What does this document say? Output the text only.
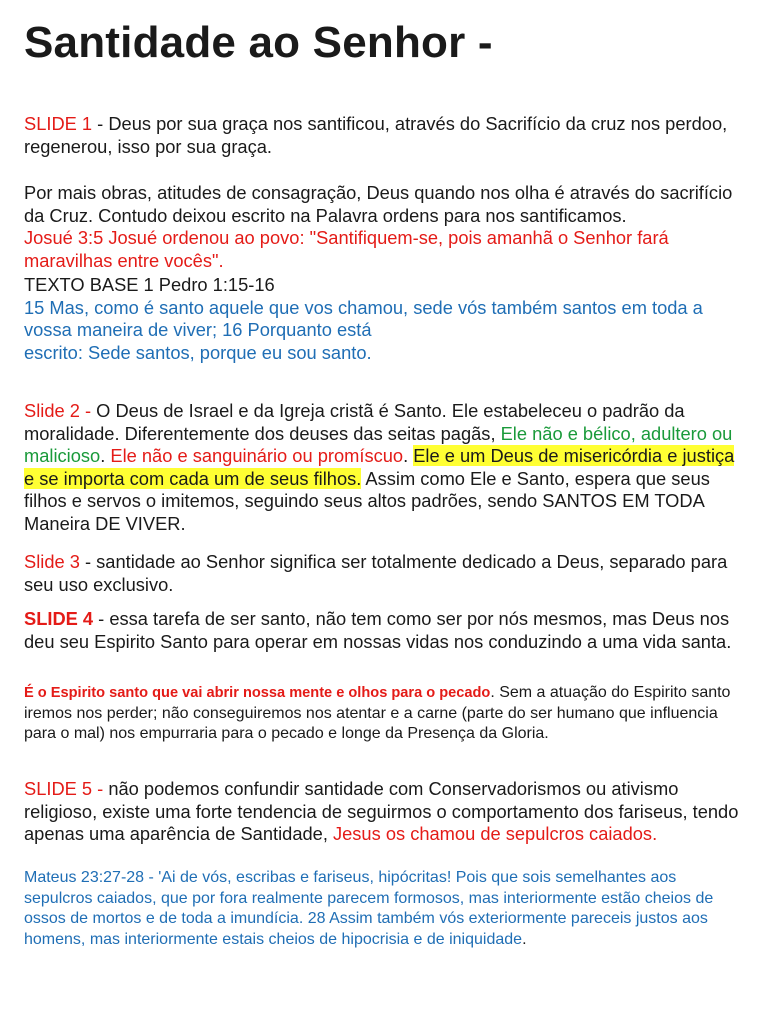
Santidade ao Senhor -

SLIDE 1 - Deus por sua graça nos santificou, através do Sacrifício da cruz nos perdoo, regenerou, isso por sua graça.

Por mais obras, atitudes de consagração, Deus quando nos olha é através do sacrifício da Cruz. Contudo deixou escrito na Palavra ordens para nos santificamos.

Josué 3:5 Josué ordenou ao povo: "Santifiquem-se, pois amanhã o Senhor fará maravilhas entre vocês".

TEXTO BASE 1 Pedro 1:15-16

15 Mas, como é santo aquele que vos chamou, sede vós também santos em toda a vossa maneira de viver; 16 Porquanto está

escrito: Sede santos, porque eu sou santo.

Slide 2 - O Deus de Israel e da Igreja cristã é Santo. Ele estabeleceu o padrão da moralidade. Diferentemente dos deuses das seitas pagãs, Ele não e bélico, adultero ou malicioso. Ele não e sanguinário ou promíscuo. Ele e um Deus de misericórdia e justiça e se importa com cada um de seus filhos. Assim como Ele e Santo, espera que seus filhos e servos o imitemos, seguindo seus altos padrões, sendo SANTOS EM TODA Maneira DE VIVER.

Slide 3 - santidade ao Senhor significa ser totalmente dedicado a Deus, separado para seu uso exclusivo.

SLIDE 4 - essa tarefa de ser santo, não tem como ser por nós mesmos, mas Deus nos deu seu Espirito Santo para operar em nossas vidas nos conduzindo a uma vida santa.

É o Espirito santo que vai abrir nossa mente e olhos para o pecado. Sem a atuação do Espirito santo iremos nos perder; não conseguiremos nos atentar e a carne (parte do ser humano que influencia para o mal) nos empurraria para o pecado e longe da Presença da Gloria.

SLIDE 5 - não podemos confundir santidade com Conservadorismos ou ativismo religioso, existe uma forte tendencia de seguirmos o comportamento dos fariseus, tendo apenas uma aparência de Santidade, Jesus os chamou de sepulcros caiados.

Mateus 23:27-28 - 'Ai de vós, escribas e fariseus, hipócritas! Pois que sois semelhantes aos sepulcros caiados, que por fora realmente parecem formosos, mas interiormente estão cheios de ossos de mortos e de toda a imundícia. 28 Assim também vós exteriormente pareceis justos aos homens, mas interiormente estais cheios de hipocrisia e de iniquidade.
